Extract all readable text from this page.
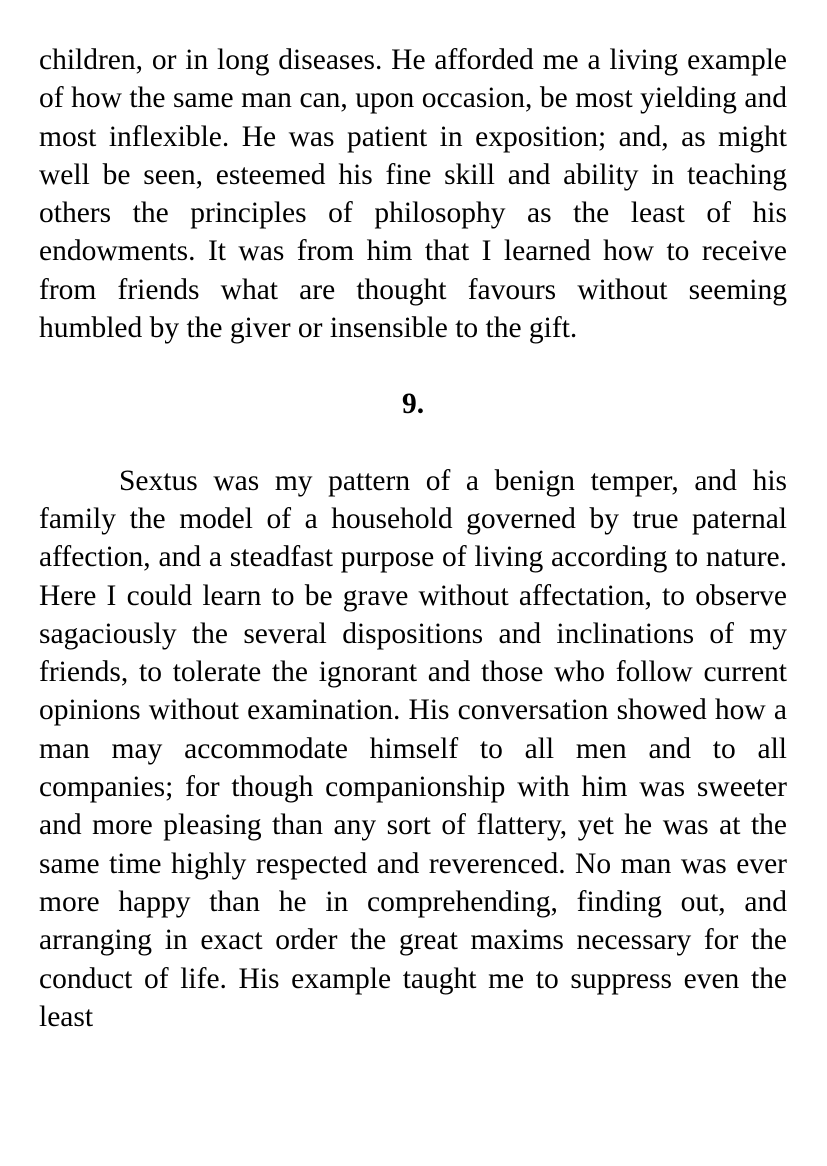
children, or in long diseases. He afforded me a living example of how the same man can, upon occasion, be most yielding and most inflexible. He was patient in exposition; and, as might well be seen, esteemed his fine skill and ability in teaching others the principles of philosophy as the least of his endowments. It was from him that I learned how to receive from friends what are thought favours without seeming humbled by the giver or insensible to the gift.

9.

Sextus was my pattern of a benign temper, and his family the model of a household governed by true paternal affection, and a steadfast purpose of living according to nature. Here I could learn to be grave without affectation, to observe sagaciously the several dispositions and inclinations of my friends, to tolerate the ignorant and those who follow current opinions without examination. His conversation showed how a man may accommodate himself to all men and to all companies; for though companionship with him was sweeter and more pleasing than any sort of flattery, yet he was at the same time highly respected and reverenced. No man was ever more happy than he in comprehending, finding out, and arranging in exact order the great maxims necessary for the conduct of life. His example taught me to suppress even the least
